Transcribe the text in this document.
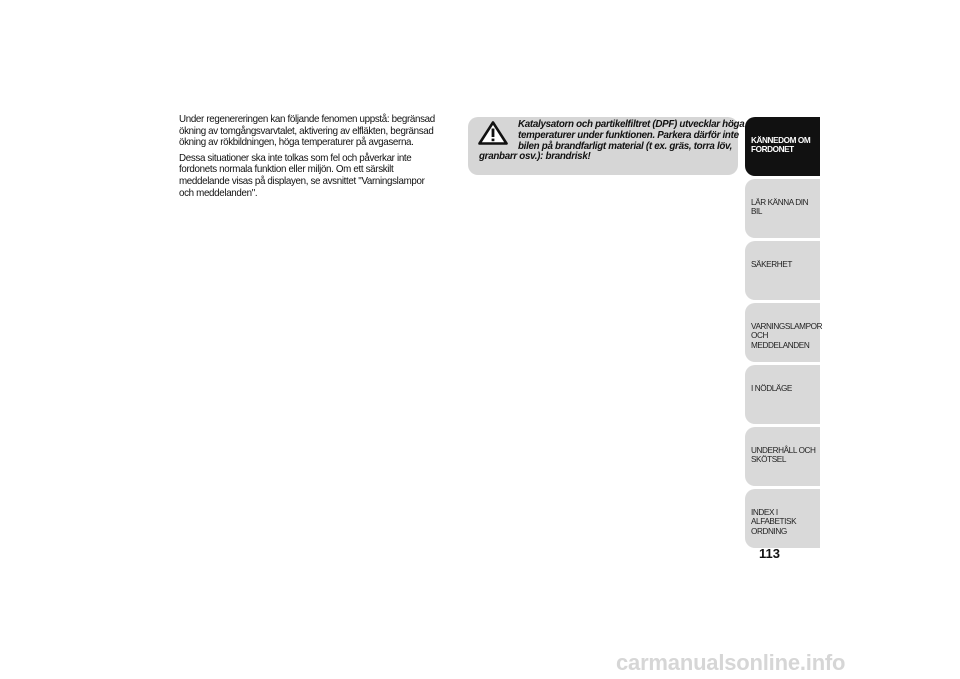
Under regenereringen kan följande fenomen uppstå: begränsad ökning av tomgångsvarvtalet, aktivering av elfläkten, begränsad ökning av rökbildningen, höga temperaturer på avgaserna.

Dessa situationer ska inte tolkas som fel och påverkar inte fordonets normala funktion eller miljön. Om ett särskilt meddelande visas på displayen, se avsnittet "Varningslampor och meddelanden".

Katalysatorn och partikelfiltret (DPF) utvecklar höga
temperaturer under funktionen. Parkera därför inte
bilen på brandfarligt material (t ex. gräs, torra löv,
granbarr osv.): brandrisk!
KÄNNEDOM OM FORDONET
LÄR KÄNNA DIN BIL
SÄKERHET
VARNINGSLAMPOR OCH MEDDELANDEN
I NÖDLÄGE
UNDERHÅLL OCH SKÖTSEL
INDEX I ALFABETISK ORDNING
113
carmanualsonline.info
